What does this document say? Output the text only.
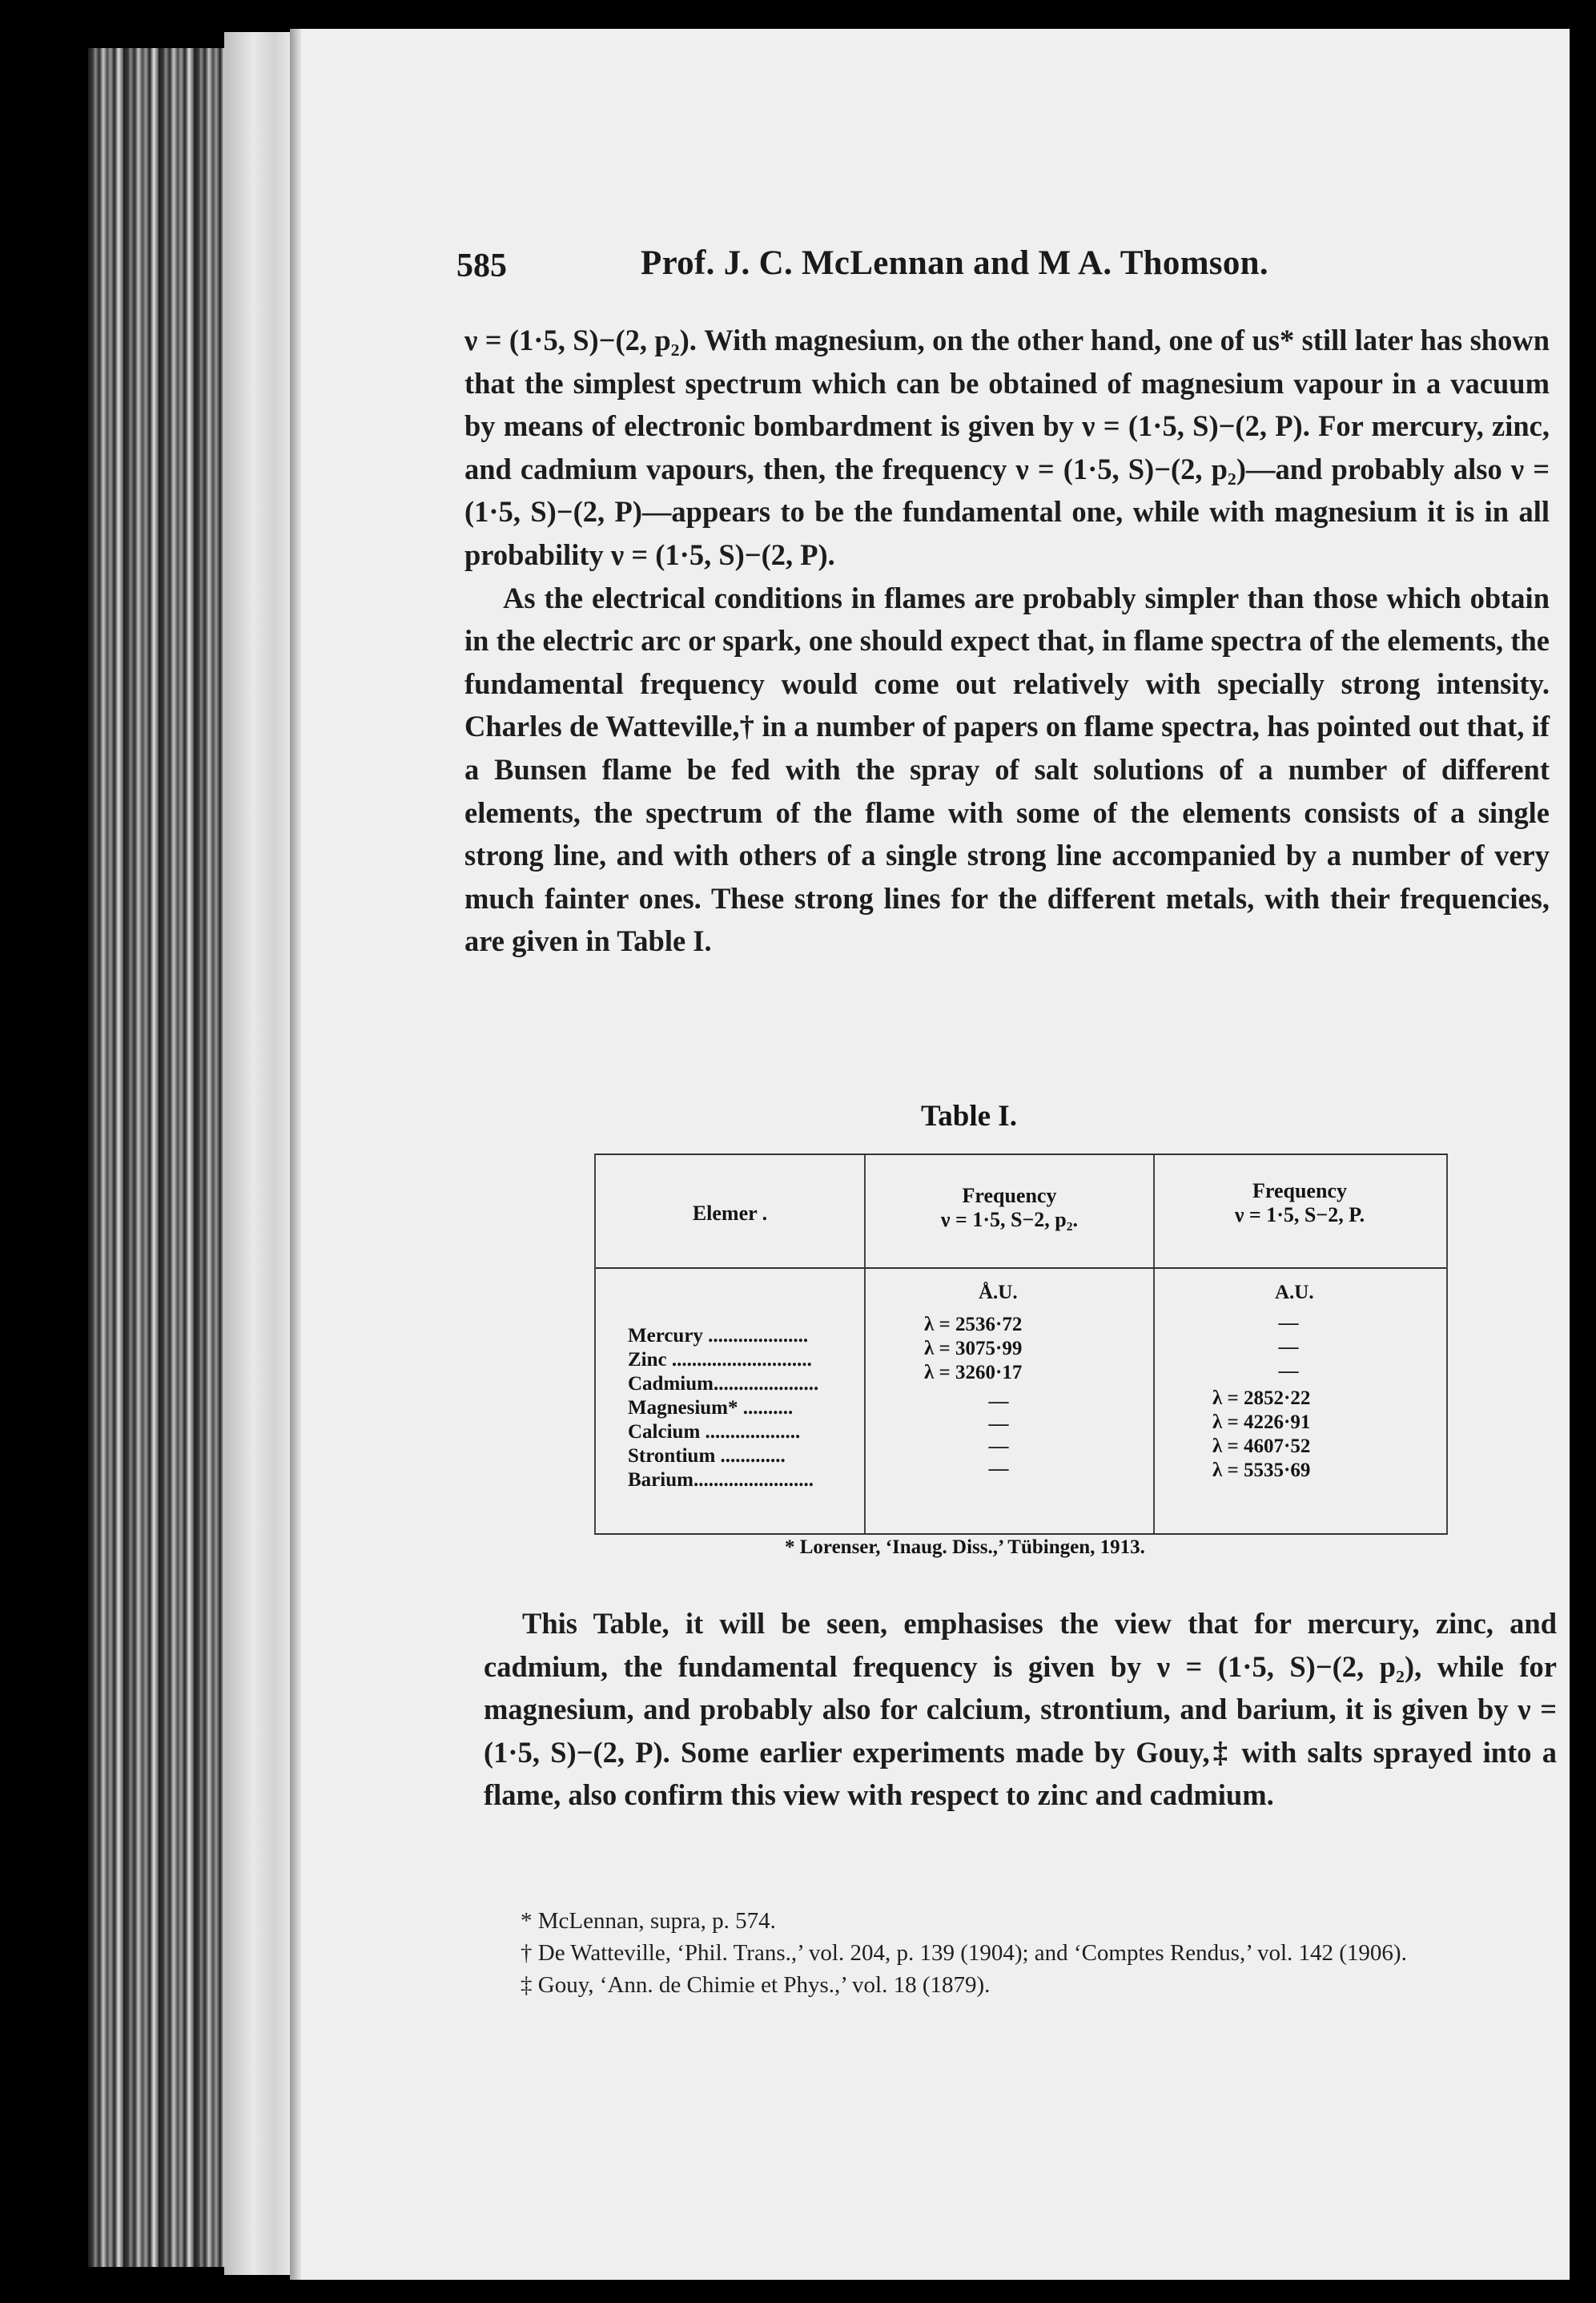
585	Prof. J. C. McLennan and M A. Thomson.

ν = (1·5, S)−(2, p₂). With magnesium, on the other hand, one of us* still later has shown that the simplest spectrum which can be obtained of magnesium vapour in a vacuum by means of electronic bombardment is given by ν = (1·5, S)−(2, P). For mercury, zinc, and cadmium vapours, then, the frequency ν = (1·5, S)−(2, p₂)—and probably also ν = (1·5, S)−(2, P)—appears to be the fundamental one, while with magnesium it is in all probability ν = (1·5, S)−(2, P).

As the electrical conditions in flames are probably simpler than those which obtain in the electric arc or spark, one should expect that, in flame spectra of the elements, the fundamental frequency would come out relatively with specially strong intensity. Charles de Watteville,† in a number of papers on flame spectra, has pointed out that, if a Bunsen flame be fed with the spray of salt solutions of a number of different elements, the spectrum of the flame with some of the elements consists of a single strong line, and with others of a single strong line accompanied by a number of very much fainter ones. These strong lines for the different metals, with their frequencies, are given in Table I.

Table I.
Elemer .
Frequency
ν = 1·5, S−2, p₂.
Frequency
ν = 1·5, S−2, P.
Å.U.	A.U.
Mercury ....................
Zinc ............................
Cadmium.....................
Magnesium* ..........
Calcium ...................
Strontium .............
Barium........................
λ = 2536·72
λ = 3075·99
λ = 3260·17
—
—
—
—
—
—
—
λ = 2852·22
λ = 4226·91
λ = 4607·52
λ = 5535·69
* Lorenser, ‘Inaug. Diss.,’ Tübingen, 1913.

This Table, it will be seen, emphasises the view that for mercury, zinc, and cadmium, the fundamental frequency is given by ν = (1·5, S)−(2, p₂), while for magnesium, and probably also for calcium, strontium, and barium, it is given by ν = (1·5, S)−(2, P). Some earlier experiments made by Gouy,‡ with salts sprayed into a flame, also confirm this view with respect to zinc and cadmium.

* McLennan, supra, p. 574.

† De Watteville, ‘Phil. Trans.,’ vol. 204, p. 139 (1904); and ‘Comptes Rendus,’ vol. 142 (1906).

‡ Gouy, ‘Ann. de Chimie et Phys.,’ vol. 18 (1879).
